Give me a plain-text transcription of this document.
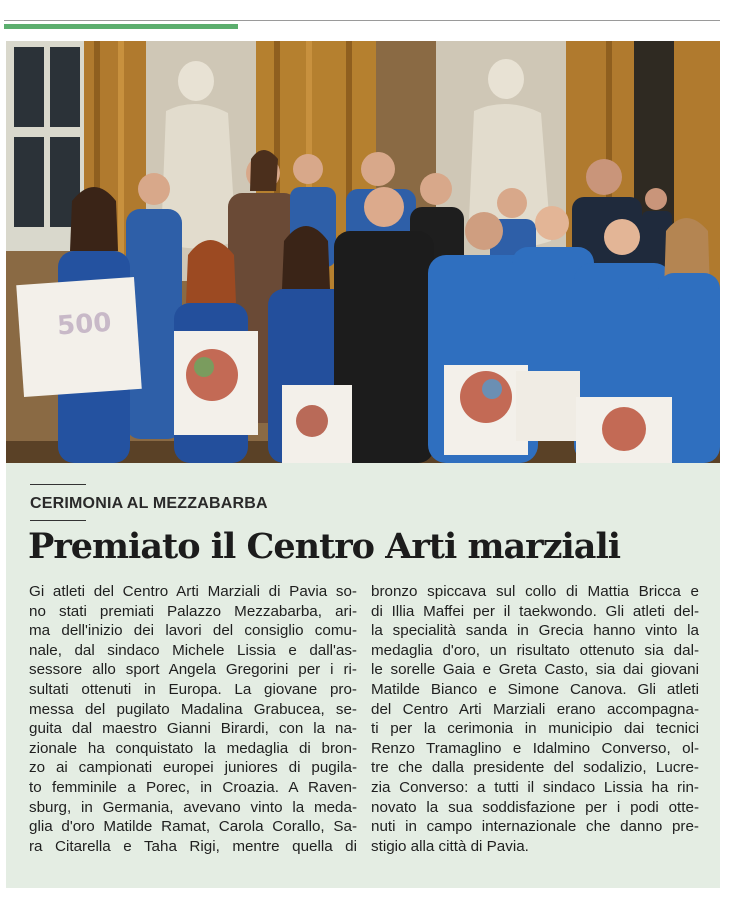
500
CERIMONIA AL MEZZABARBA
Premiato il Centro Arti marziali
Gi atleti del Centro Arti Marziali di Pavia so-
no stati premiati Palazzo Mezzabarba, ari-
ma dell'inizio dei lavori del consiglio comu-
nale, dal sindaco Michele Lissia e dall'as-
sessore allo sport Angela Gregorini per i ri-
sultati ottenuti in Europa. La giovane pro-
messa del pugilato Madalina Grabucea, se-
guita dal maestro Gianni Birardi, con la na-
zionale ha conquistato la medaglia di bron-
zo ai campionati europei juniores di pugila-
to femminile a Porec, in Croazia. A Raven-
sburg, in Germania, avevano vinto la meda-
glia d'oro Matilde Ramat, Carola Corallo, Sa-
ra Citarella e Taha Rigi, mentre quella di
bronzo spiccava sul collo di Mattia Bricca e
di Illia Maffei per il taekwondo. Gli atleti del-
la specialità sanda in Grecia hanno vinto la
medaglia d'oro, un risultato ottenuto sia dal-
le sorelle Gaia e Greta Casto, sia dai giovani
Matilde Bianco e Simone Canova. Gli atleti
del Centro Arti Marziali erano accompagna-
ti per la cerimonia in municipio dai tecnici
Renzo Tramaglino e Idalmino Converso, ol-
tre che dalla presidente del sodalizio, Lucre-
zia Converso: a tutti il sindaco Lissia ha rin-
novato la sua soddisfazione per i podi otte-
nuti in campo internazionale che danno pre-
stigio alla città di Pavia.
